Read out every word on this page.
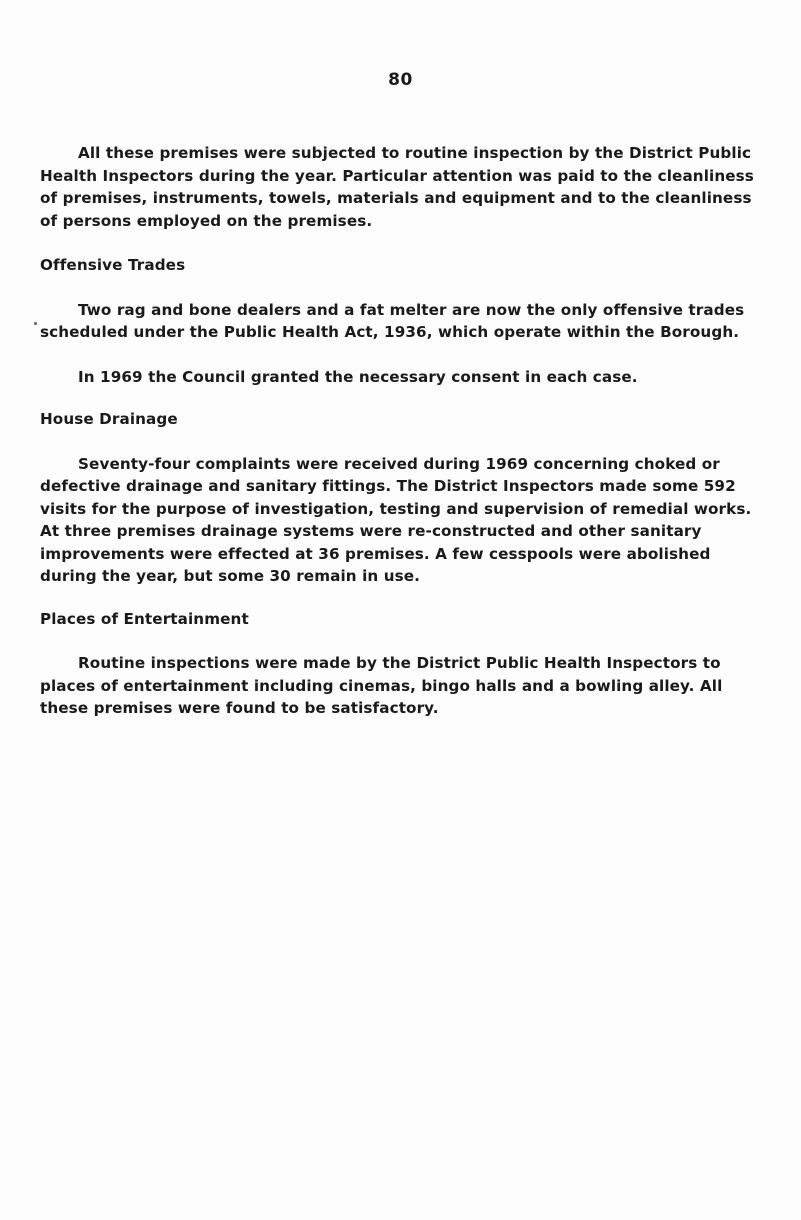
80

All these premises were subjected to routine inspection by the District Public Health Inspectors during the year. Particular attention was paid to the cleanliness of premises, instruments, towels, materials and equipment and to the cleanliness of persons employed on the premises.

Offensive Trades

Two rag and bone dealers and a fat melter are now the only offensive trades scheduled under the Public Health Act, 1936, which operate within the Borough.

In 1969 the Council granted the necessary consent in each case.

House Drainage

Seventy-four complaints were received during 1969 concerning choked or defective drainage and sanitary fittings. The District Inspectors made some 592 visits for the purpose of investigation, testing and supervision of remedial works. At three premises drainage systems were re-constructed and other sanitary improvements were effected at 36 premises. A few cesspools were abolished during the year, but some 30 remain in use.

Places of Entertainment

Routine inspections were made by the District Public Health Inspectors to places of entertainment including cinemas, bingo halls and a bowling alley. All these premises were found to be satisfactory.
